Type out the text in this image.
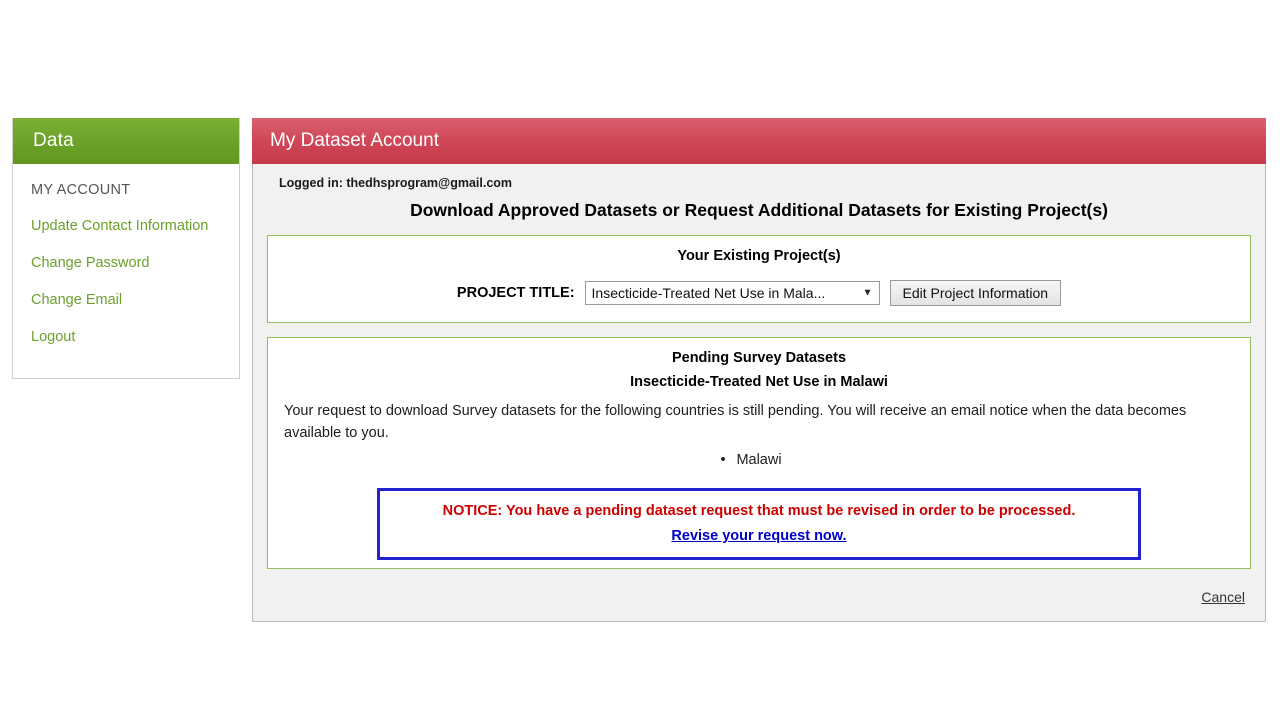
Data
MY ACCOUNT
Update Contact Information
Change Password
Change Email
Logout
My Dataset Account
Logged in: thedhsprogram@gmail.com
Download Approved Datasets or Request Additional Datasets for Existing Project(s)
Your Existing Project(s)
PROJECT TITLE: Insecticide-Treated Net Use in Mala...	▼	Edit Project Information
Pending Survey Datasets
Insecticide-Treated Net Use in Malawi
Your request to download Survey datasets for the following countries is still pending. You will receive an email notice when the data becomes available to you.
• Malawi
NOTICE: You have a pending dataset request that must be revised in order to be processed.
Revise your request now.
Cancel
